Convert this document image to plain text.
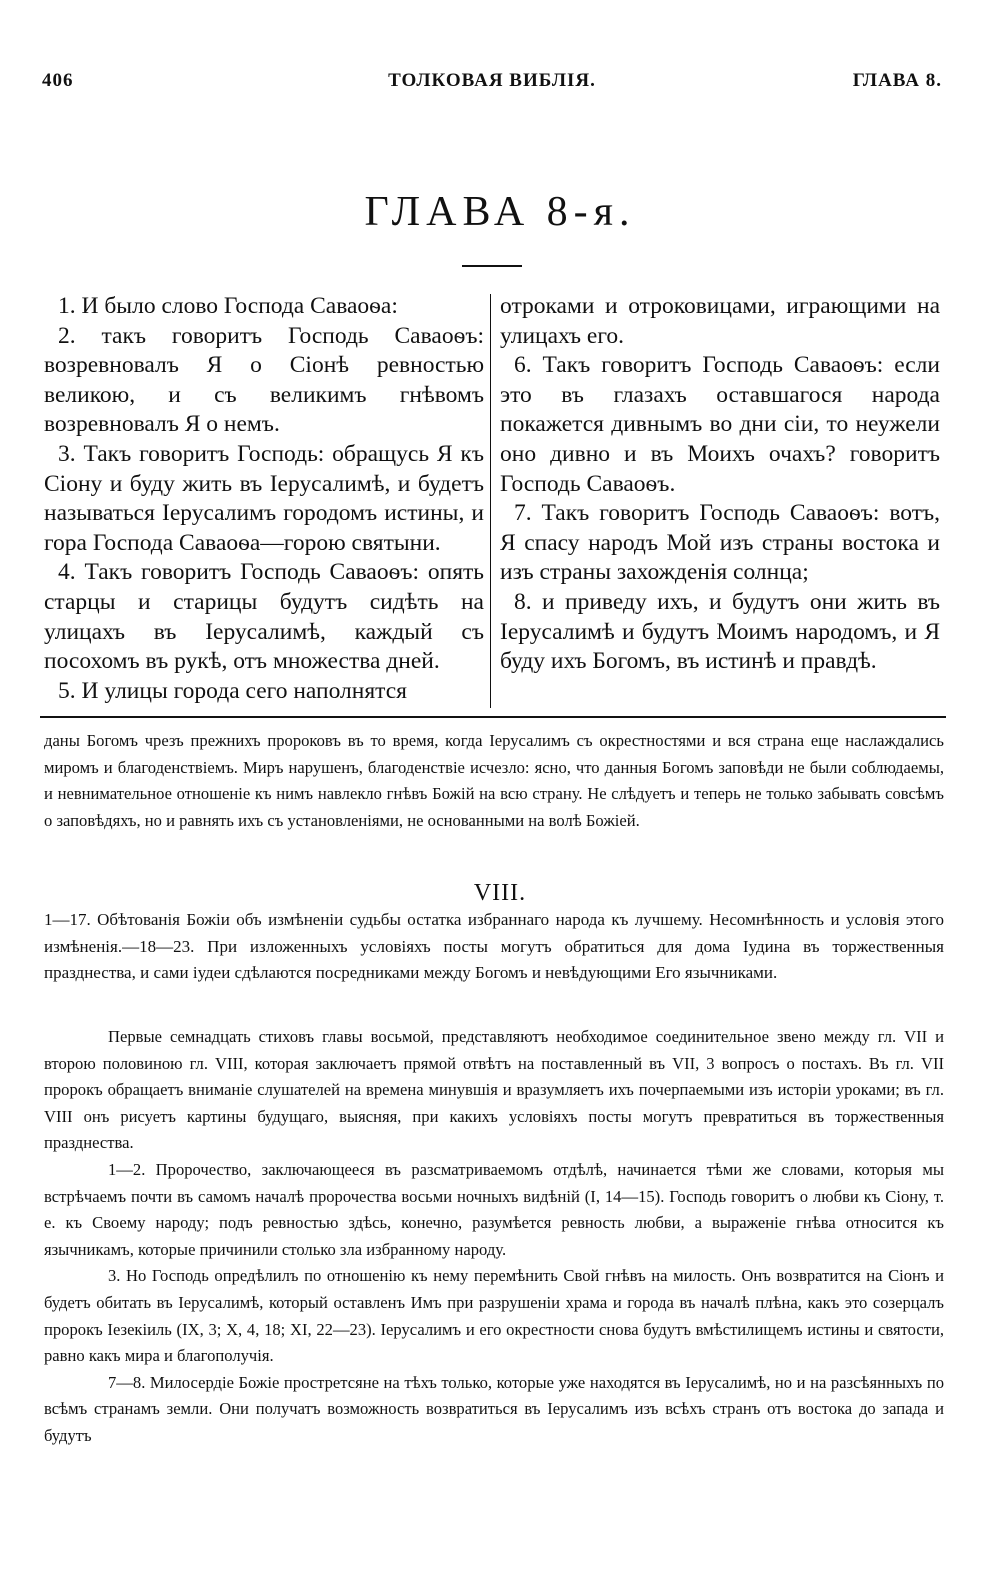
406	ТОЛКОВАЯ ВИБЛІЯ.	ГЛАВА 8.
ГЛАВА 8-я.

1. И было слово Господа Саваоѳа:

2. такъ говоритъ Господь Саваоѳъ: возревновалъ Я о Сіонѣ ревностью великою, и съ великимъ гнѣвомъ возревновалъ Я о немъ.

3. Такъ говоритъ Господь: обращусь Я къ Сіону и буду жить въ Іерусалимѣ, и будетъ называться Іерусалимъ городомъ истины, и гора Господа Саваоѳа—горою святыни.

4. Такъ говоритъ Господь Саваоѳъ: опять старцы и старицы будутъ сидѣть на улицахъ въ Іерусалимѣ, каждый съ посохомъ въ рукѣ, отъ множества дней.

5. И улицы города сего наполнятся

отроками и отроковицами, играющими на улицахъ его.

6. Такъ говоритъ Господь Саваоѳъ: если это въ глазахъ оставшагося народа покажется дивнымъ во дни сіи, то неужели оно дивно и въ Моихъ очахъ? говоритъ Господь Саваоѳъ.

7. Такъ говоритъ Господь Саваоѳъ: вотъ, Я спасу народъ Мой изъ страны востока и изъ страны захожденія солнца;

8. и приведу ихъ, и будутъ они жить въ Іерусалимѣ и будутъ Моимъ народомъ, и Я буду ихъ Богомъ, въ истинѣ и правдѣ.

даны Богомъ чрезъ прежнихъ пророковъ въ то время, когда Іерусалимъ съ окрестностями и вся страна еще наслаждались миромъ и благоденствіемъ. Миръ нарушенъ, благоденствіе исчезло: ясно, что данныя Богомъ заповѣди не были соблюдаемы, и невнимательное отношеніе къ нимъ навлекло гнѣвъ Божій на всю страну. Не слѣдуетъ и теперь не только забывать совсѣмъ о заповѣдяхъ, но и равнять ихъ съ установленіями, не основанными на волѣ Божіей.

VIII.

1—17. Обѣтованія Божіи объ измѣненіи судьбы остатка избраннаго народа къ лучшему. Несомнѣнность и условія этого измѣненія.—18—23. При изложенныхъ условіяхъ посты могутъ обратиться для дома Іудина въ торжественныя празднества, и сами іудеи сдѣлаются посредниками между Богомъ и невѣдующими Его язычниками.

Первые семнадцать стиховъ главы восьмой, представляютъ необходимое соединительное звено между гл. VII и второю половиною гл. VIII, которая заключаетъ прямой отвѣтъ на поставленный въ VII, 3 вопросъ о постахъ. Въ гл. VII пророкъ обращаетъ вниманіе слушателей на времена минувшія и вразумляетъ ихъ почерпаемыми изъ исторіи уроками; въ гл. VIII онъ рисуетъ картины будущаго, выясняя, при какихъ условіяхъ посты могутъ превратиться въ торжественныя празднества.

1—2. Пророчество, заключающееся въ разсматриваемомъ отдѣлѣ, начинается тѣми же словами, которыя мы встрѣчаемъ почти въ самомъ началѣ пророчества восьми ночныхъ видѣній (I, 14—15). Господь говоритъ о любви къ Сіону, т. е. къ Своему народу; подъ ревностью здѣсь, конечно, разумѣется ревность любви, а выраженіе гнѣва относится къ язычникамъ, которые причинили столько зла избранному народу.

3. Но Господь опредѣлилъ по отношенію къ нему перемѣнить Свой гнѣвъ на милость. Онъ возвратится на Сіонъ и будетъ обитать въ Іерусалимѣ, который оставленъ Имъ при разрушеніи храма и города въ началѣ плѣна, какъ это созерцалъ пророкъ Іезекіиль (IX, 3; X, 4, 18; XI, 22—23). Іерусалимъ и его окрестности снова будутъ вмѣстилищемъ истины и святости, равно какъ мира и благополучія.

7—8. Милосердіе Божіе простретсянe на тѣхъ только, которые уже находятся въ Іерусалимѣ, но и на разсѣянныхъ по всѣмъ странамъ земли. Они получатъ возможность возвратиться въ Іерусалимъ изъ всѣхъ странъ отъ востока до запада и будутъ
